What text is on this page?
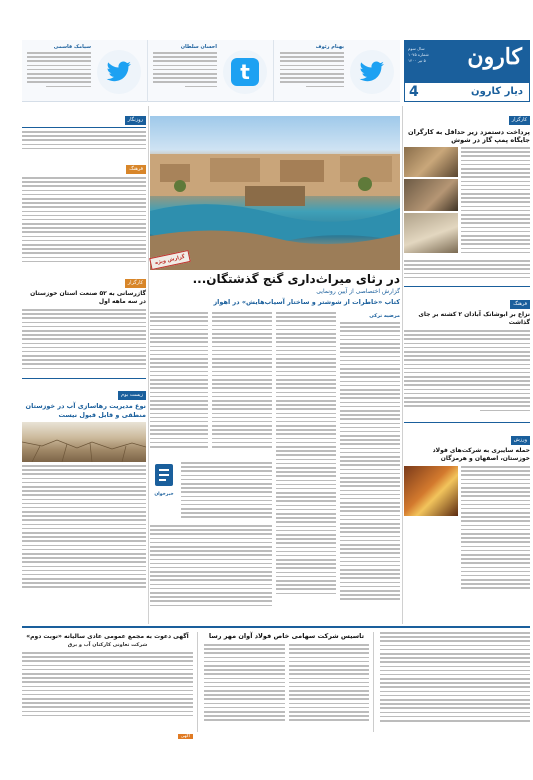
کارون
سال سوم
شماره ۱۰۷۵
۵ تیر ۱۴۰۰
4	دیار کارون
بهنام رئوف
t
احسان سلطان
سیامک قاسمی
کارگزار
پرداخت دستمزد زیر حداقل به کارگران جایگاه پمپ گاز در شوش
فرهنگ
نزاع بر ابوشانک آبادان ۲ کشته بر جای گذاشت
ورزش
حمله سایبری به شرکت‌های فولاد خوزستان، اصفهان و هرمزگان
گزارش ویژه
در رثای میراث‌داری گنج گذشتگان...
گزارش اختصاصی از آیین رونمایی
کتاب «خاطرات از شوشتر و ساختار آسیاب‌هایش» در اهواز
مرضیه ترکی
خبرخوان
روزنگار
فرهنگ
کارگزار
گازرسانی به ۵۲ صنعت استان خوزستان در سه ماهه اول
زیست بوم
نوع مدیریت رهاسازی آب در خوزستان منطقی و قابل قبول نیست
تاسیس شرکت سهامی خاص فولاد آوان مهر رسا
آگهی دعوت به مجمع عمومی عادی سالیانه «نوبت دوم»
شرکت تعاونی کارکنان آب و برق
آگهی
